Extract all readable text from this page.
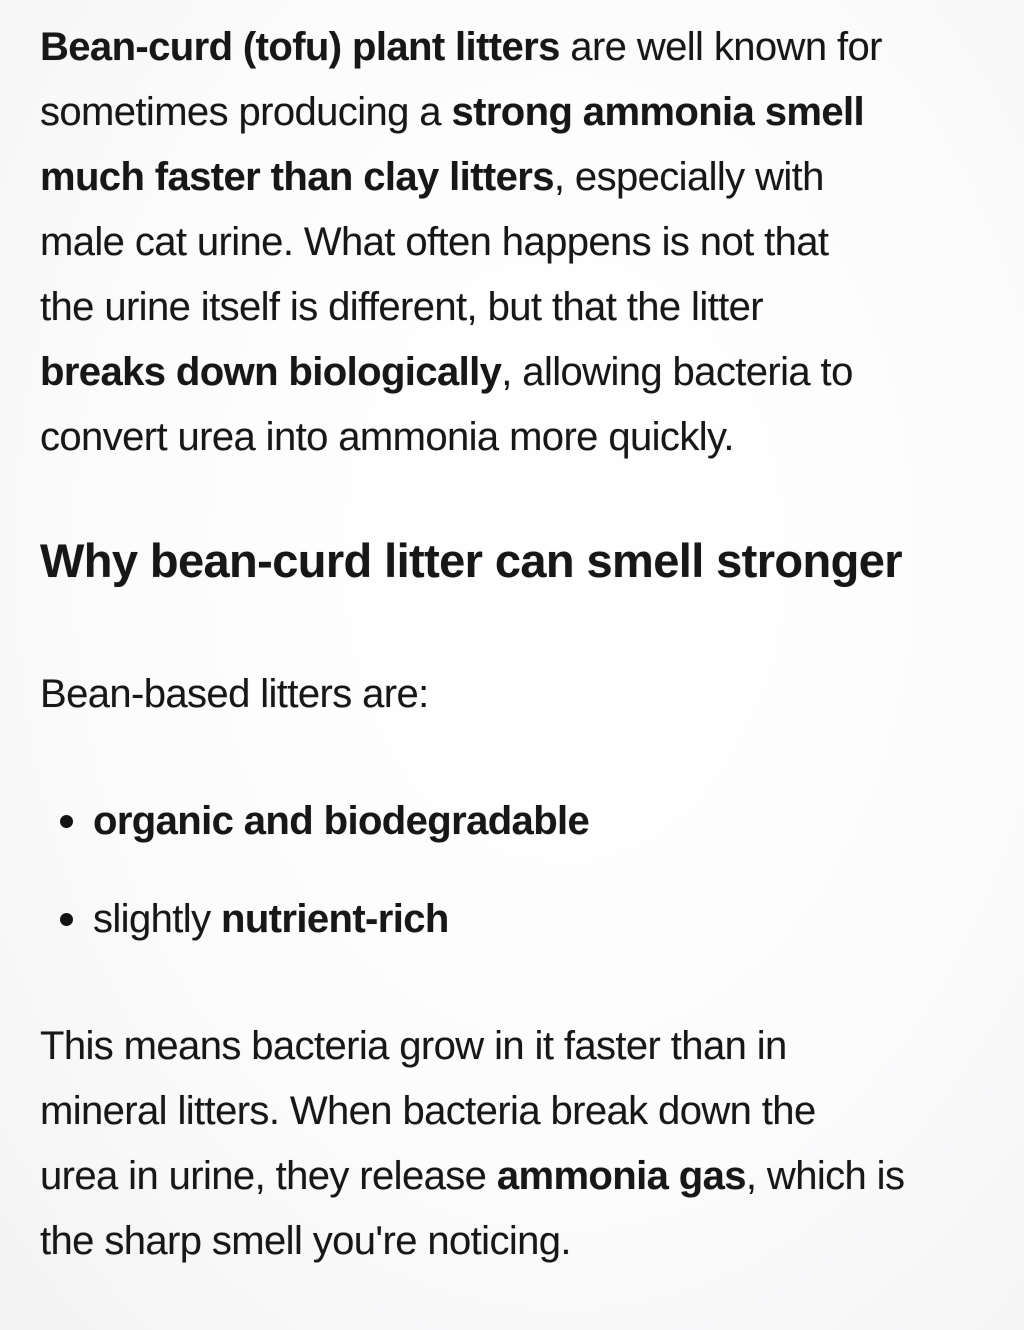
Bean-curd (tofu) plant litters are well known for
sometimes producing a strong ammonia smell
much faster than clay litters, especially with
male cat urine. What often happens is not that
the urine itself is different, but that the litter
breaks down biologically, allowing bacteria to
convert urea into ammonia more quickly.
Why bean-curd litter can smell stronger
Bean-based litters are:
organic and biodegradable
slightly nutrient-rich
This means bacteria grow in it faster than in
mineral litters. When bacteria break down the
urea in urine, they release ammonia gas, which is
the sharp smell you're noticing.
